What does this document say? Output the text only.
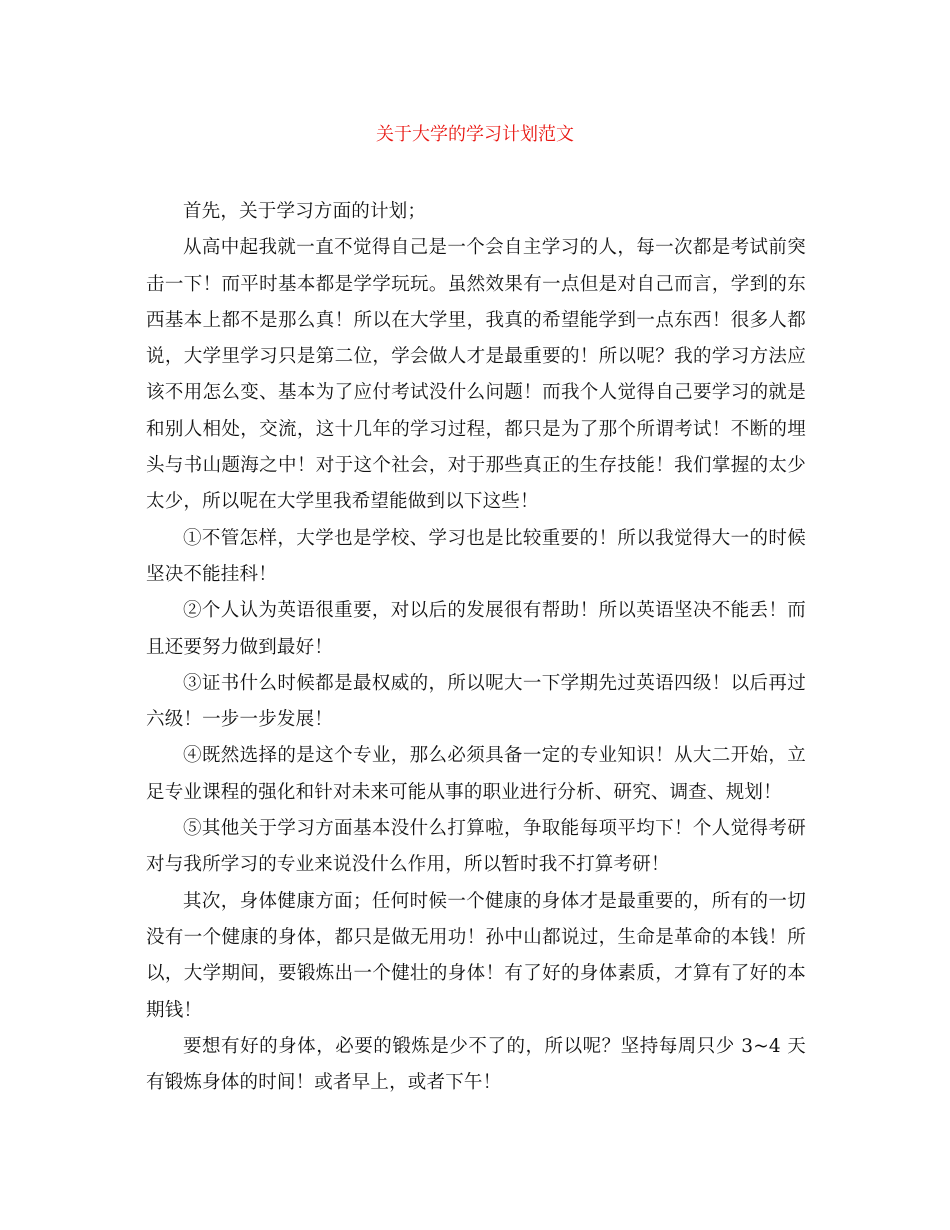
关于大学的学习计划范文

首先，关于学习方面的计划；

从高中起我就一直不觉得自己是一个会自主学习的人，每一次都是考试前突击一下！而平时基本都是学学玩玩。虽然效果有一点但是对自己而言，学到的东西基本上都不是那么真！所以在大学里，我真的希望能学到一点东西！很多人都说，大学里学习只是第二位，学会做人才是最重要的！所以呢？我的学习方法应该不用怎么变、基本为了应付考试没什么问题！而我个人觉得自己要学习的就是和别人相处，交流，这十几年的学习过程，都只是为了那个所谓考试！不断的埋头与书山题海之中！对于这个社会，对于那些真正的生存技能！我们掌握的太少太少，所以呢在大学里我希望能做到以下这些！

①不管怎样，大学也是学校、学习也是比较重要的！所以我觉得大一的时候坚决不能挂科！

②个人认为英语很重要，对以后的发展很有帮助！所以英语坚决不能丢！而且还要努力做到最好！

③证书什么时候都是最权威的，所以呢大一下学期先过英语四级！以后再过六级！一步一步发展！

④既然选择的是这个专业，那么必须具备一定的专业知识！从大二开始，立足专业课程的强化和针对未来可能从事的职业进行分析、研究、调查、规划！

⑤其他关于学习方面基本没什么打算啦，争取能每项平均下！个人觉得考研对与我所学习的专业来说没什么作用，所以暂时我不打算考研！

其次，身体健康方面；任何时候一个健康的身体才是最重要的，所有的一切没有一个健康的身体，都只是做无用功！孙中山都说过，生命是革命的本钱！所以，大学期间，要锻炼出一个健壮的身体！有了好的身体素质，才算有了好的本期钱！

要想有好的身体，必要的锻炼是少不了的，所以呢？坚持每周只少 3~4 天有锻炼身体的时间！或者早上，或者下午！
